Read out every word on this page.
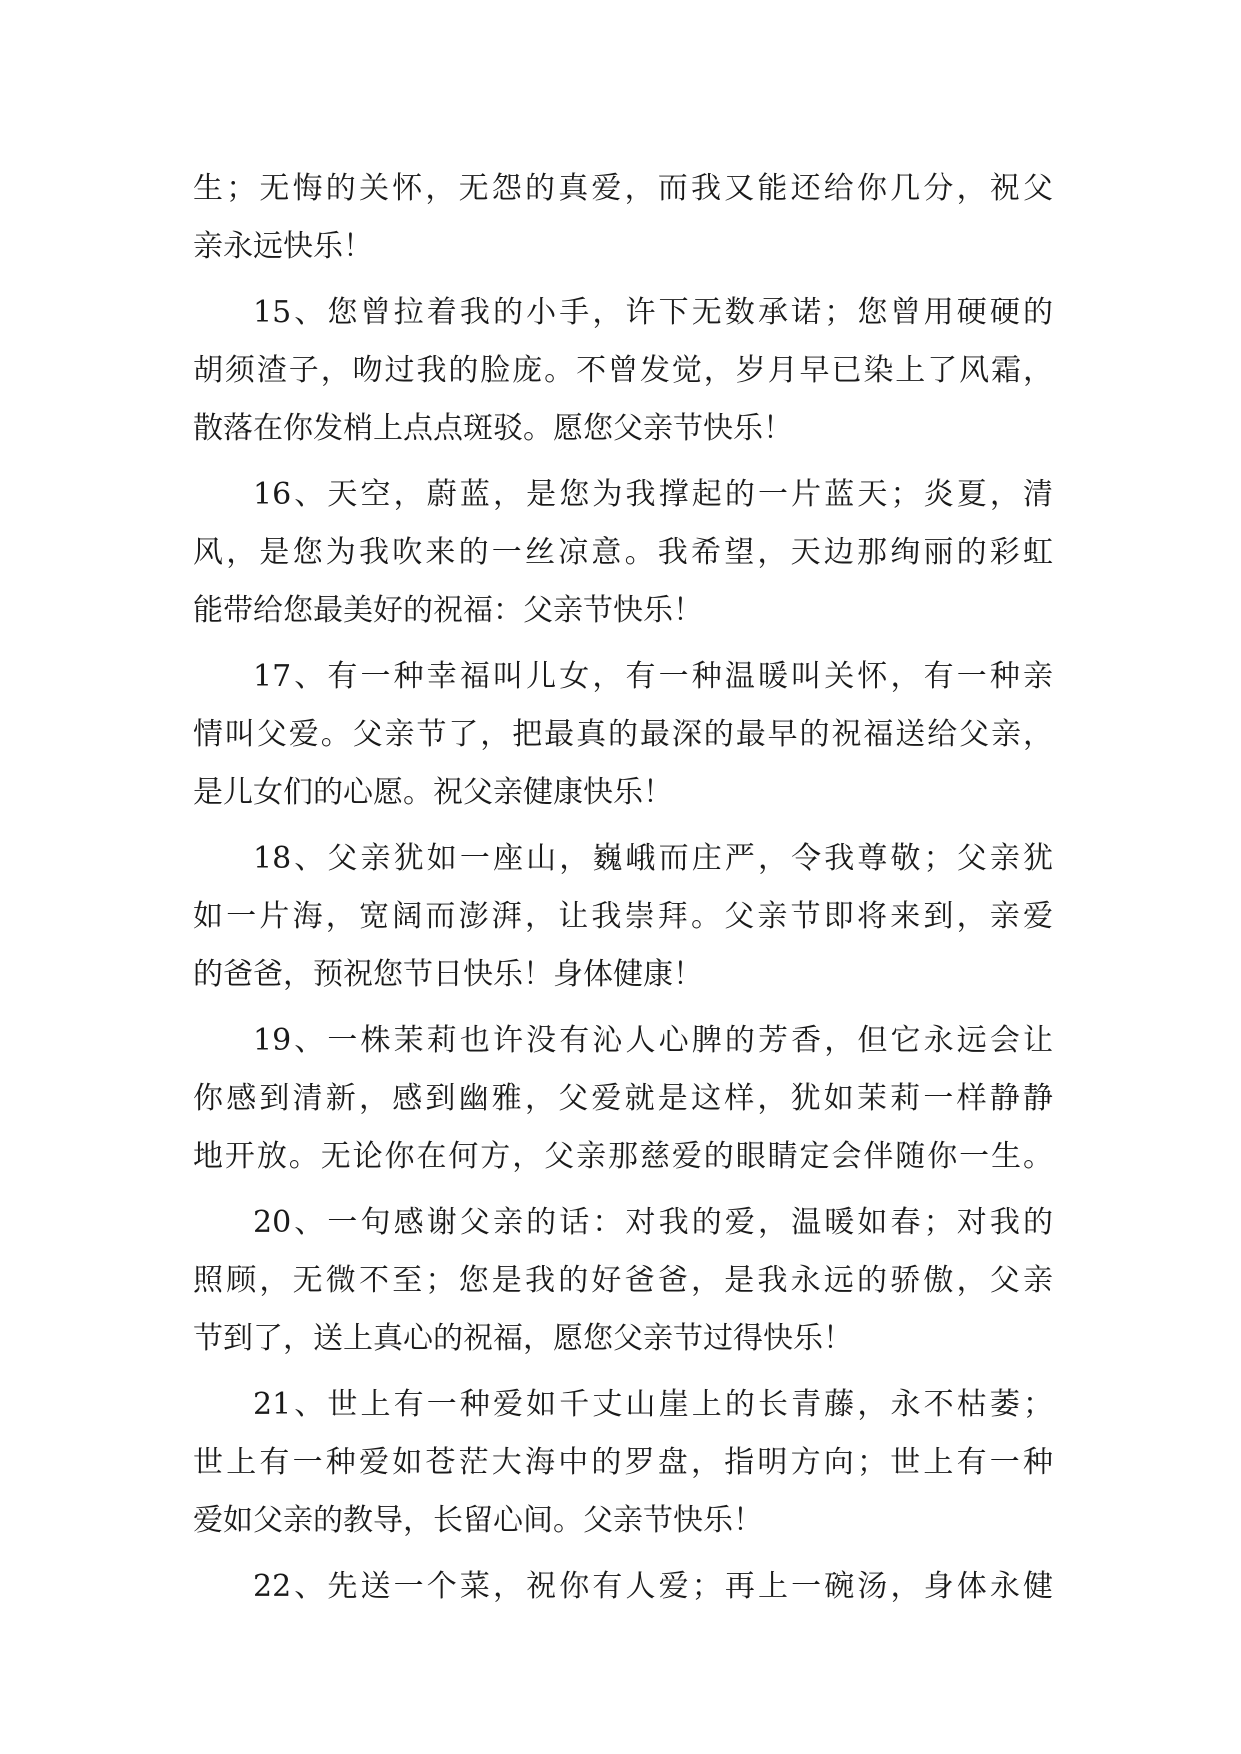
生；无悔的关怀，无怨的真爱，而我又能还给你几分，祝父
亲永远快乐！
15、您曾拉着我的小手，许下无数承诺；您曾用硬硬的
胡须渣子，吻过我的脸庞。不曾发觉，岁月早已染上了风霜，
散落在你发梢上点点斑驳。愿您父亲节快乐！
16、天空，蔚蓝，是您为我撑起的一片蓝天；炎夏，清
风，是您为我吹来的一丝凉意。我希望，天边那绚丽的彩虹
能带给您最美好的祝福：父亲节快乐！
17、有一种幸福叫儿女，有一种温暖叫关怀，有一种亲
情叫父爱。父亲节了，把最真的最深的最早的祝福送给父亲，
是儿女们的心愿。祝父亲健康快乐！
18、父亲犹如一座山，巍峨而庄严，令我尊敬；父亲犹
如一片海，宽阔而澎湃，让我崇拜。父亲节即将来到，亲爱
的爸爸，预祝您节日快乐！身体健康！
19、一株茉莉也许没有沁人心脾的芳香，但它永远会让
你感到清新，感到幽雅，父爱就是这样，犹如茉莉一样静静
地开放。无论你在何方，父亲那慈爱的眼睛定会伴随你一生。
20、一句感谢父亲的话：对我的爱，温暖如春；对我的
照顾，无微不至；您是我的好爸爸，是我永远的骄傲，父亲
节到了，送上真心的祝福，愿您父亲节过得快乐！
21、世上有一种爱如千丈山崖上的长青藤，永不枯萎；
世上有一种爱如苍茫大海中的罗盘，指明方向；世上有一种
爱如父亲的教导，长留心间。父亲节快乐！
22、先送一个菜，祝你有人爱；再上一碗汤，身体永健
